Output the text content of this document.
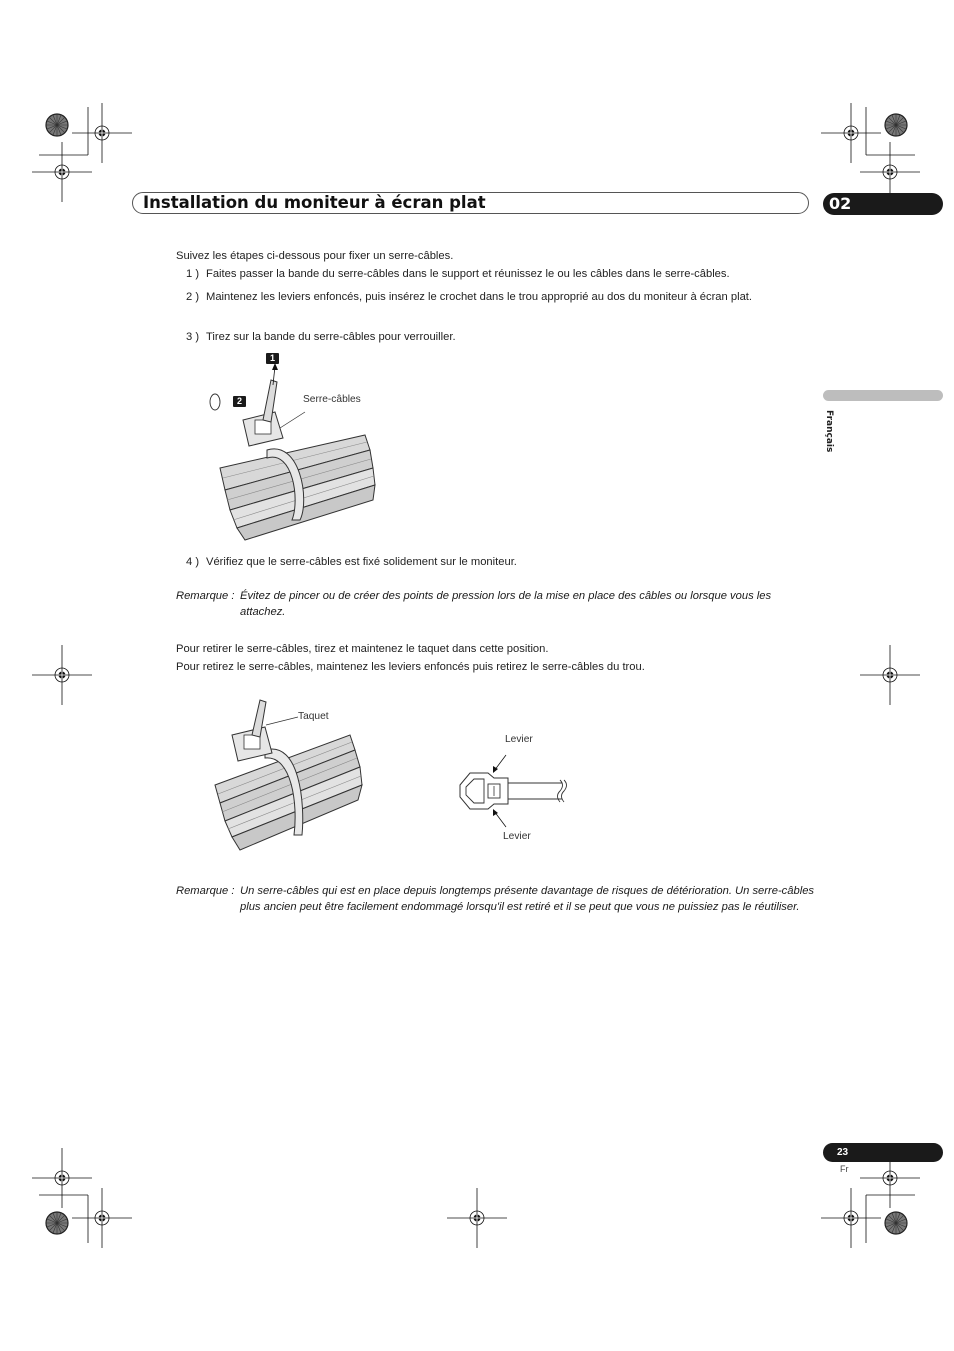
Installation du moniteur à écran plat	02
Français
Suivez les étapes ci-dessous pour fixer un serre-câbles.
1 ) Faites passer la bande du serre-câbles dans le support et réunissez le ou les câbles dans le serre-câbles.
2 ) Maintenez les leviers enfoncés, puis insérez le crochet dans le trou approprié au dos du moniteur à écran plat.
3 ) Tirez sur la bande du serre-câbles pour verrouiller.
1
2	Serre-câbles
4 ) Vérifiez que le serre-câbles est fixé solidement sur le moniteur.
Remarque : Évitez de pincer ou de créer des points de pression lors de la mise en place des câbles ou lorsque vous les attachez.
Pour retirer le serre-câbles, tirez et maintenez le taquet dans cette position.
Pour retirez le serre-câbles, maintenez les leviers enfoncés puis retirez le serre-câbles du trou.
Taquet
Levier
Levier
Remarque : Un serre-câbles qui est en place depuis longtemps présente davantage de risques de détérioration. Un serre-câbles plus ancien peut être facilement endommagé lorsqu'il est retiré et il se peut que vous ne puissiez pas le réutiliser.
23
Fr
